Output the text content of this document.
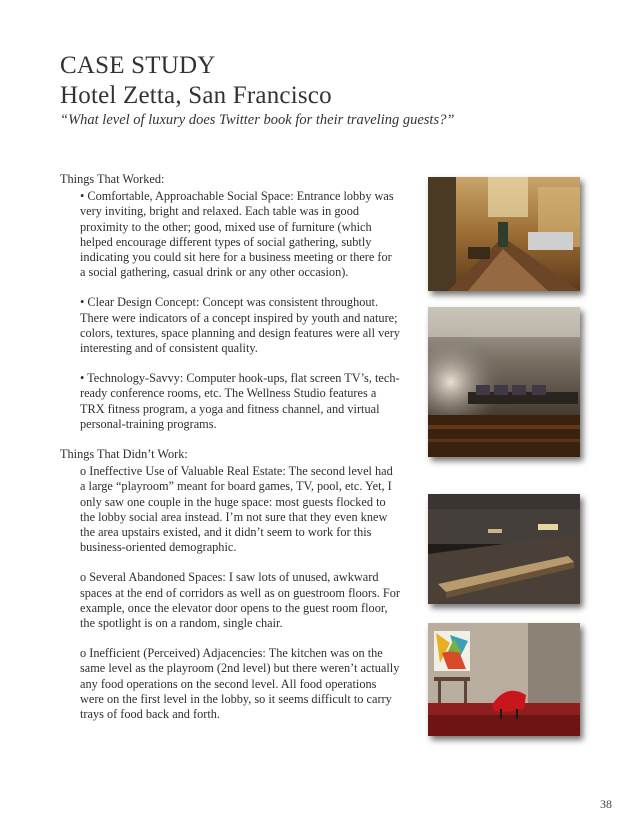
CASE STUDY
Hotel Zetta, San Francisco

“What level of luxury does Twitter book for their traveling guests?”

Things That Worked:

• Comfortable, Approachable Social Space: Entrance lobby was very inviting, bright and relaxed. Each table was in good proximity to the other; good, mixed use of furniture (which helped encourage different types of social gathering, subtly indicating you could sit here for a business meeting or there for a social gathering, casual drink or any other occasion).

• Clear Design Concept: Concept was consistent throughout. There were indicators of a concept inspired by youth and nature; colors, textures, space planning and design features were all very interesting and of consistent quality.

• Technology-Savvy: Computer hook-ups, flat screen TV’s, tech-ready conference rooms, etc. The Wellness Studio features a TRX fitness program, a yoga and fitness channel, and virtual personal-training programs.

Things That Didn’t Work:

o Ineffective Use of Valuable Real Estate: The second level had a large “playroom” meant for board games, TV, pool, etc. Yet, I only saw one couple in the huge space: most guests flocked to the lobby social area instead. I’m not sure that they even knew the area upstairs existed, and it didn’t seem to work for this business-oriented demographic.

o Several Abandoned Spaces: I saw lots of unused, awkward spaces at the end of corridors as well as on guestroom floors. For example, once the elevator door opens to the guest room floor, the spotlight is on a random, single chair.

o Inefficient (Perceived) Adjacencies: The kitchen was on the same level as the playroom (2nd level) but there weren’t actually any food operations on the second level. All food operations were on the first level in the lobby, so it seems difficult to carry trays of food back and forth.

38
